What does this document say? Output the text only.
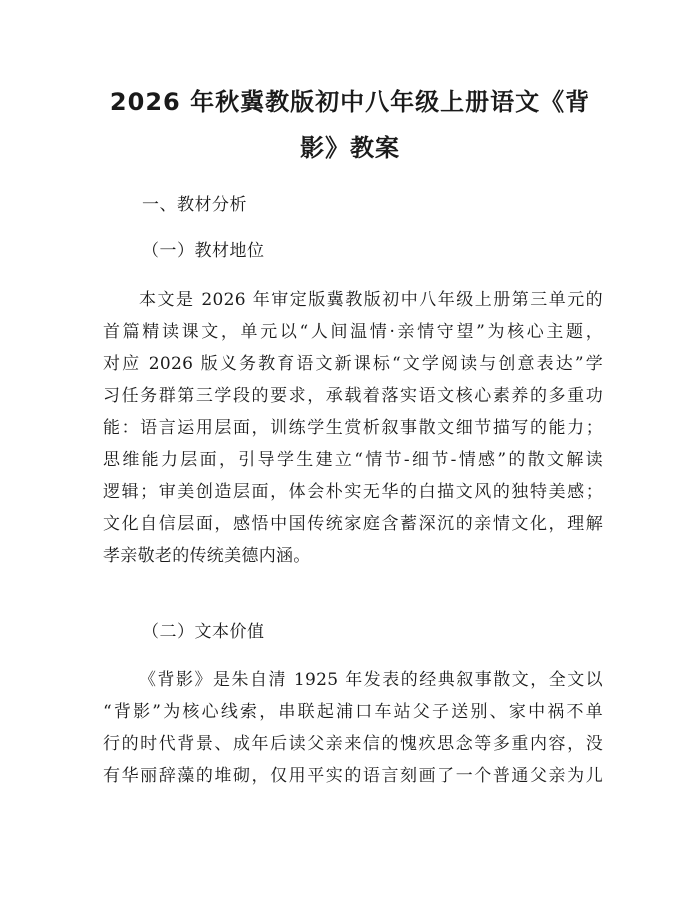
2026 年秋冀教版初中八年级上册语文《背
影》教案
一、教材分析
（一）教材地位
本文是 2026 年审定版冀教版初中八年级上册第三单元的
首篇精读课文，单元以“人间温情·亲情守望”为核心主题，
对应 2026 版义务教育语文新课标“文学阅读与创意表达”学
习任务群第三学段的要求，承载着落实语文核心素养的多重功
能：语言运用层面，训练学生赏析叙事散文细节描写的能力；
思维能力层面，引导学生建立“情节-细节-情感”的散文解读
逻辑；审美创造层面，体会朴实无华的白描文风的独特美感；
文化自信层面，感悟中国传统家庭含蓄深沉的亲情文化，理解
孝亲敬老的传统美德内涵。
（二）文本价值
《背影》是朱自清 1925 年发表的经典叙事散文，全文以
“背影”为核心线索，串联起浦口车站父子送别、家中祸不单
行的时代背景、成年后读父亲来信的愧疚思念等多重内容，没
有华丽辞藻的堆砌，仅用平实的语言刻画了一个普通父亲为儿
